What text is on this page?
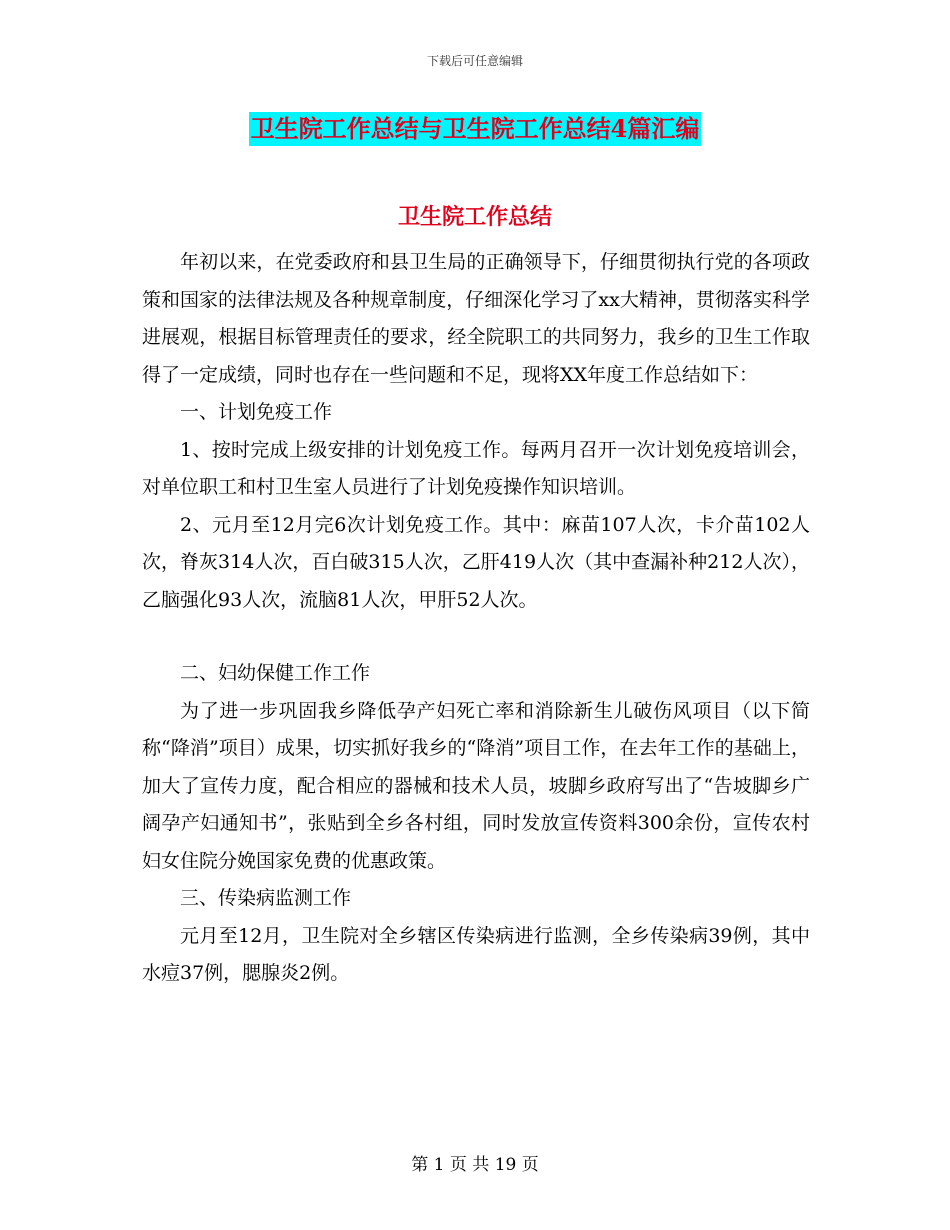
下载后可任意编辑
卫生院工作总结与卫生院工作总结4篇汇编
卫生院工作总结

年初以来，在党委政府和县卫生局的正确领导下，仔细贯彻执行党的各项政策和国家的法律法规及各种规章制度，仔细深化学习了xx大精神，贯彻落实科学进展观，根据目标管理责任的要求，经全院职工的共同努力，我乡的卫生工作取得了一定成绩，同时也存在一些问题和不足，现将XX年度工作总结如下：

一、计划免疫工作

1、按时完成上级安排的计划免疫工作。每两月召开一次计划免疫培训会，对单位职工和村卫生室人员进行了计划免疫操作知识培训。

2、元月至12月完6次计划免疫工作。其中：麻苗107人次，卡介苗102人次，脊灰314人次，百白破315人次，乙肝419人次（其中查漏补种212人次），乙脑强化93人次，流脑81人次，甲肝52人次。

二、妇幼保健工作工作

为了进一步巩固我乡降低孕产妇死亡率和消除新生儿破伤风项目（以下简称“降消”项目）成果，切实抓好我乡的“降消”项目工作，在去年工作的基础上，加大了宣传力度，配合相应的器械和技术人员，坡脚乡政府写出了“告坡脚乡广阔孕产妇通知书”，张贴到全乡各村组，同时发放宣传资料300余份，宣传农村妇女住院分娩国家免费的优惠政策。

三、传染病监测工作

元月至12月，卫生院对全乡辖区传染病进行监测，全乡传染病39例，其中水痘37例，腮腺炎2例。

第 1 页 共 19 页
